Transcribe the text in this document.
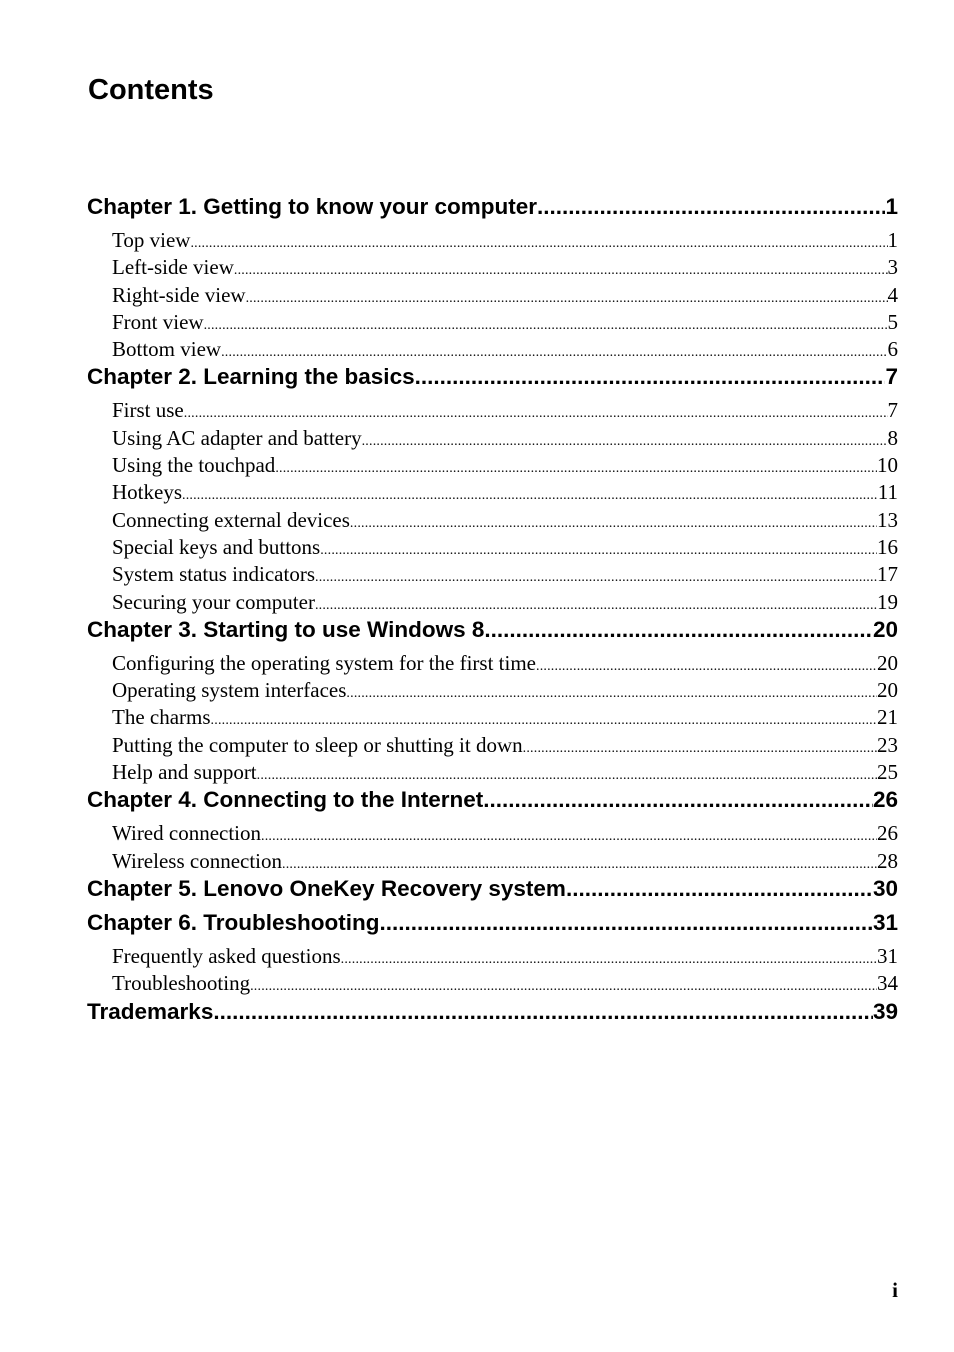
Contents
Chapter 1. Getting to know your computer .....	1
Top view .....	1
Left-side view .....	3
Right-side view .....	4
Front view .....	5
Bottom view .....	6
Chapter 2. Learning the basics .....	7
First use .....	7
Using AC adapter and battery .....	8
Using the touchpad .....	10
Hotkeys .....	11
Connecting external devices .....	13
Special keys and buttons .....	16
System status indicators .....	17
Securing your computer .....	19
Chapter 3. Starting to use Windows 8 .....	20
Configuring the operating system for the first time .....	20
Operating system interfaces .....	20
The charms .....	21
Putting the computer to sleep or shutting it down .....	23
Help and support .....	25
Chapter 4. Connecting to the Internet .....	26
Wired connection .....	26
Wireless connection .....	28
Chapter 5. Lenovo OneKey Recovery system .....	30
Chapter 6. Troubleshooting .....	31
Frequently asked questions .....	31
Troubleshooting .....	34
Trademarks .....	39
i
